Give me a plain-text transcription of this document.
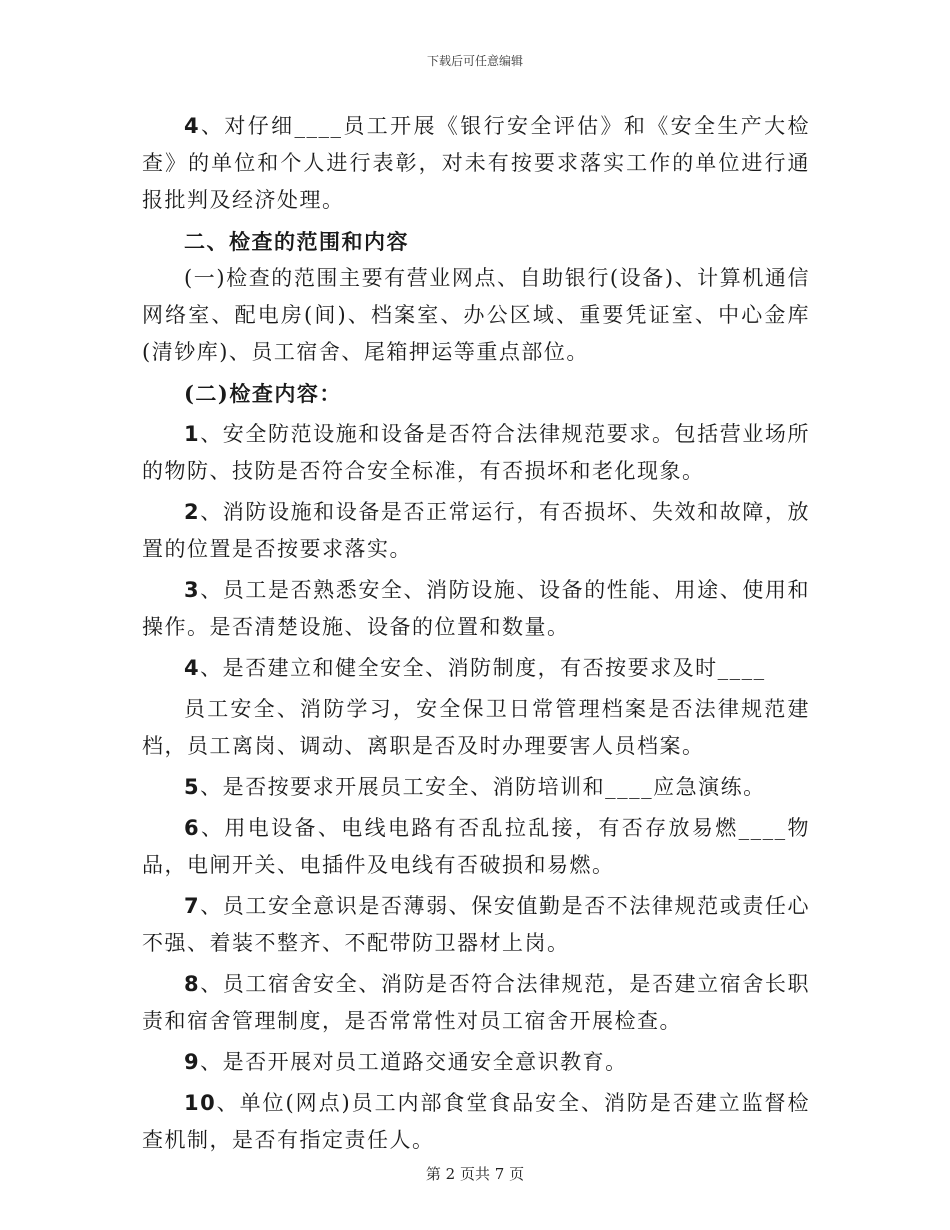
下载后可任意编辑

4、对仔细____员工开展《银行安全评估》和《安全生产大检查》的单位和个人进行表彰，对未有按要求落实工作的单位进行通报批判及经济处理。

二、检查的范围和内容

(一)检查的范围主要有营业网点、自助银行(设备)、计算机通信网络室、配电房(间)、档案室、办公区域、重要凭证室、中心金库(清钞库)、员工宿舍、尾箱押运等重点部位。

(二)检查内容：

1、安全防范设施和设备是否符合法律规范要求。包括营业场所的物防、技防是否符合安全标准，有否损坏和老化现象。

2、消防设施和设备是否正常运行，有否损坏、失效和故障，放置的位置是否按要求落实。

3、员工是否熟悉安全、消防设施、设备的性能、用途、使用和操作。是否清楚设施、设备的位置和数量。

4、是否建立和健全安全、消防制度，有否按要求及时____

员工安全、消防学习，安全保卫日常管理档案是否法律规范建档，员工离岗、调动、离职是否及时办理要害人员档案。

5、是否按要求开展员工安全、消防培训和____应急演练。

6、用电设备、电线电路有否乱拉乱接，有否存放易燃____物品，电闸开关、电插件及电线有否破损和易燃。

7、员工安全意识是否薄弱、保安值勤是否不法律规范或责任心不强、着装不整齐、不配带防卫器材上岗。

8、员工宿舍安全、消防是否符合法律规范，是否建立宿舍长职责和宿舍管理制度，是否常常性对员工宿舍开展检查。

9、是否开展对员工道路交通安全意识教育。

10、单位(网点)员工内部食堂食品安全、消防是否建立监督检查机制，是否有指定责任人。

第 2 页共 7 页
